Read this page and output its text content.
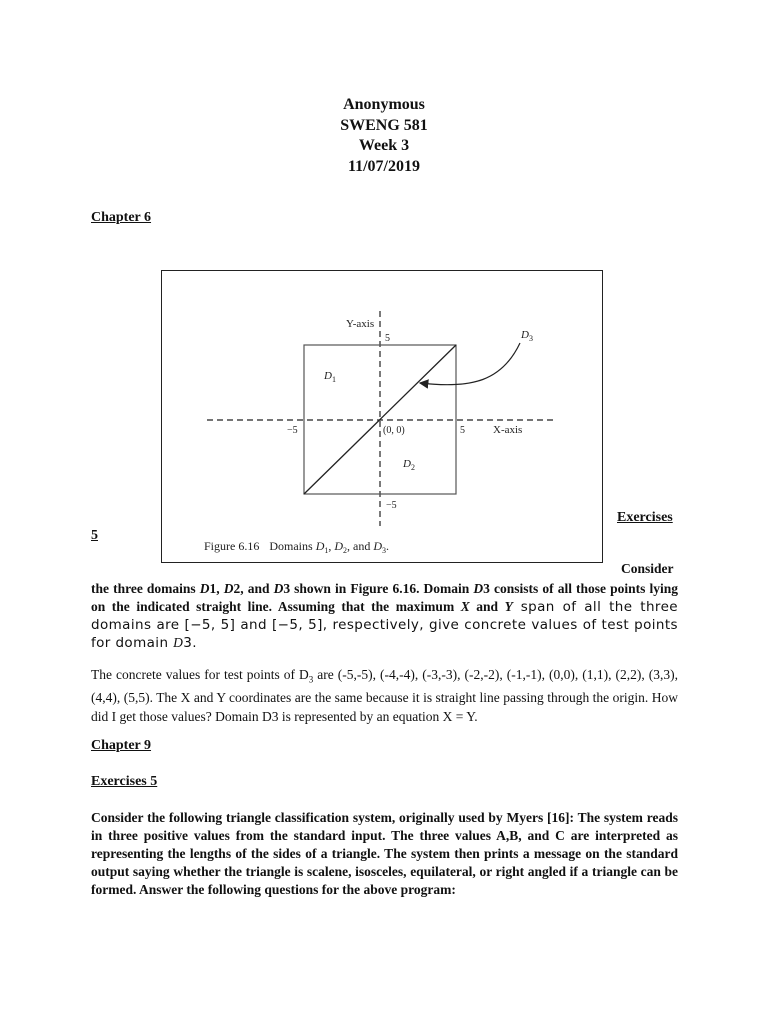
Anonymous
SWENG 581
Week 3
11/07/2019
Chapter 6
Y-axis
5
−5
−5	5
(0, 0)	X-axis
$D_1$
$D_2$
$D_3$
Figure 6.16 Domains $D_1$, $D_2$, and $D_3$.
Exercises
5
Consider
the three domains D1, D2, and D3 shown in Figure 6.16. Domain D3 consists of all those points lying on the indicated straight line. Assuming that the maximum X and Y span of all the three domains are [−5, 5] and [−5, 5], respectively, give concrete values of test points for domain D3.
The concrete values for test points of $D_3$ are (-5,-5), (-4,-4), (-3,-3), (-2,-2), (-1,-1), (0,0), (1,1), (2,2), (3,3), (4,4), (5,5). The X and Y coordinates are the same because it is straight line passing through the origin. How did I get those values? Domain D3 is represented by an equation X = Y.
Chapter 9
Exercises 5
Consider the following triangle classification system, originally used by Myers [16]: The system reads in three positive values from the standard input. The three values A,B, and C are interpreted as representing the lengths of the sides of a triangle. The system then prints a message on the standard output saying whether the triangle is scalene, isosceles, equilateral, or right angled if a triangle can be formed. Answer the following questions for the above program:
